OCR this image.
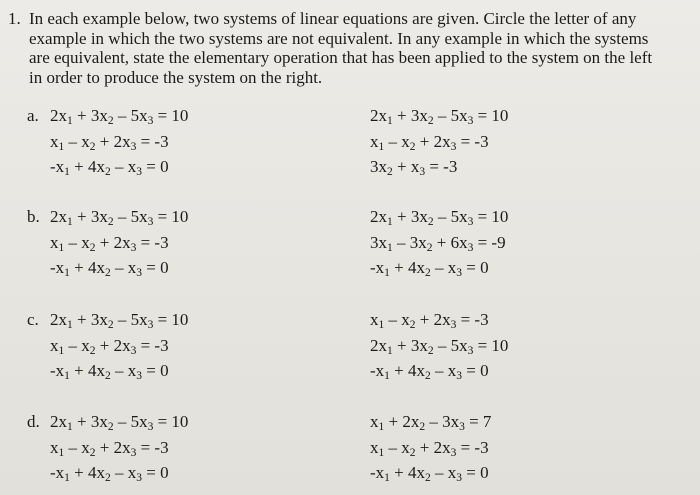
1. In each example below, two systems of linear equations are given. Circle the letter of any
example in which the two systems are not equivalent. In any example in which the systems
are equivalent, state the elementary operation that has been applied to the system on the left
in order to produce the system on the right.
a. $2x_1 + 3x_2 - 5x_3 = 10$
$x_1 - x_2 + 2x_3 = -3$
$-x_1 + 4x_2 - x_3 = 0$
$2x_1 + 3x_2 - 5x_3 = 10$
$x_1 - x_2 + 2x_3 = -3$
$3x_2 + x_3 = -3$
b. $2x_1 + 3x_2 - 5x_3 = 10$
$x_1 - x_2 + 2x_3 = -3$
$-x_1 + 4x_2 - x_3 = 0$
$2x_1 + 3x_2 - 5x_3 = 10$
$3x_1 - 3x_2 + 6x_3 = -9$
$-x_1 + 4x_2 - x_3 = 0$
c. $2x_1 + 3x_2 - 5x_3 = 10$
$x_1 - x_2 + 2x_3 = -3$
$-x_1 + 4x_2 - x_3 = 0$
$x_1 - x_2 + 2x_3 = -3$
$2x_1 + 3x_2 - 5x_3 = 10$
$-x_1 + 4x_2 - x_3 = 0$
d. $2x_1 + 3x_2 - 5x_3 = 10$
$x_1 - x_2 + 2x_3 = -3$
$-x_1 + 4x_2 - x_3 = 0$
$x_1 + 2x_2 - 3x_3 = 7$
$x_1 - x_2 + 2x_3 = -3$
$-x_1 + 4x_2 - x_3 = 0$
